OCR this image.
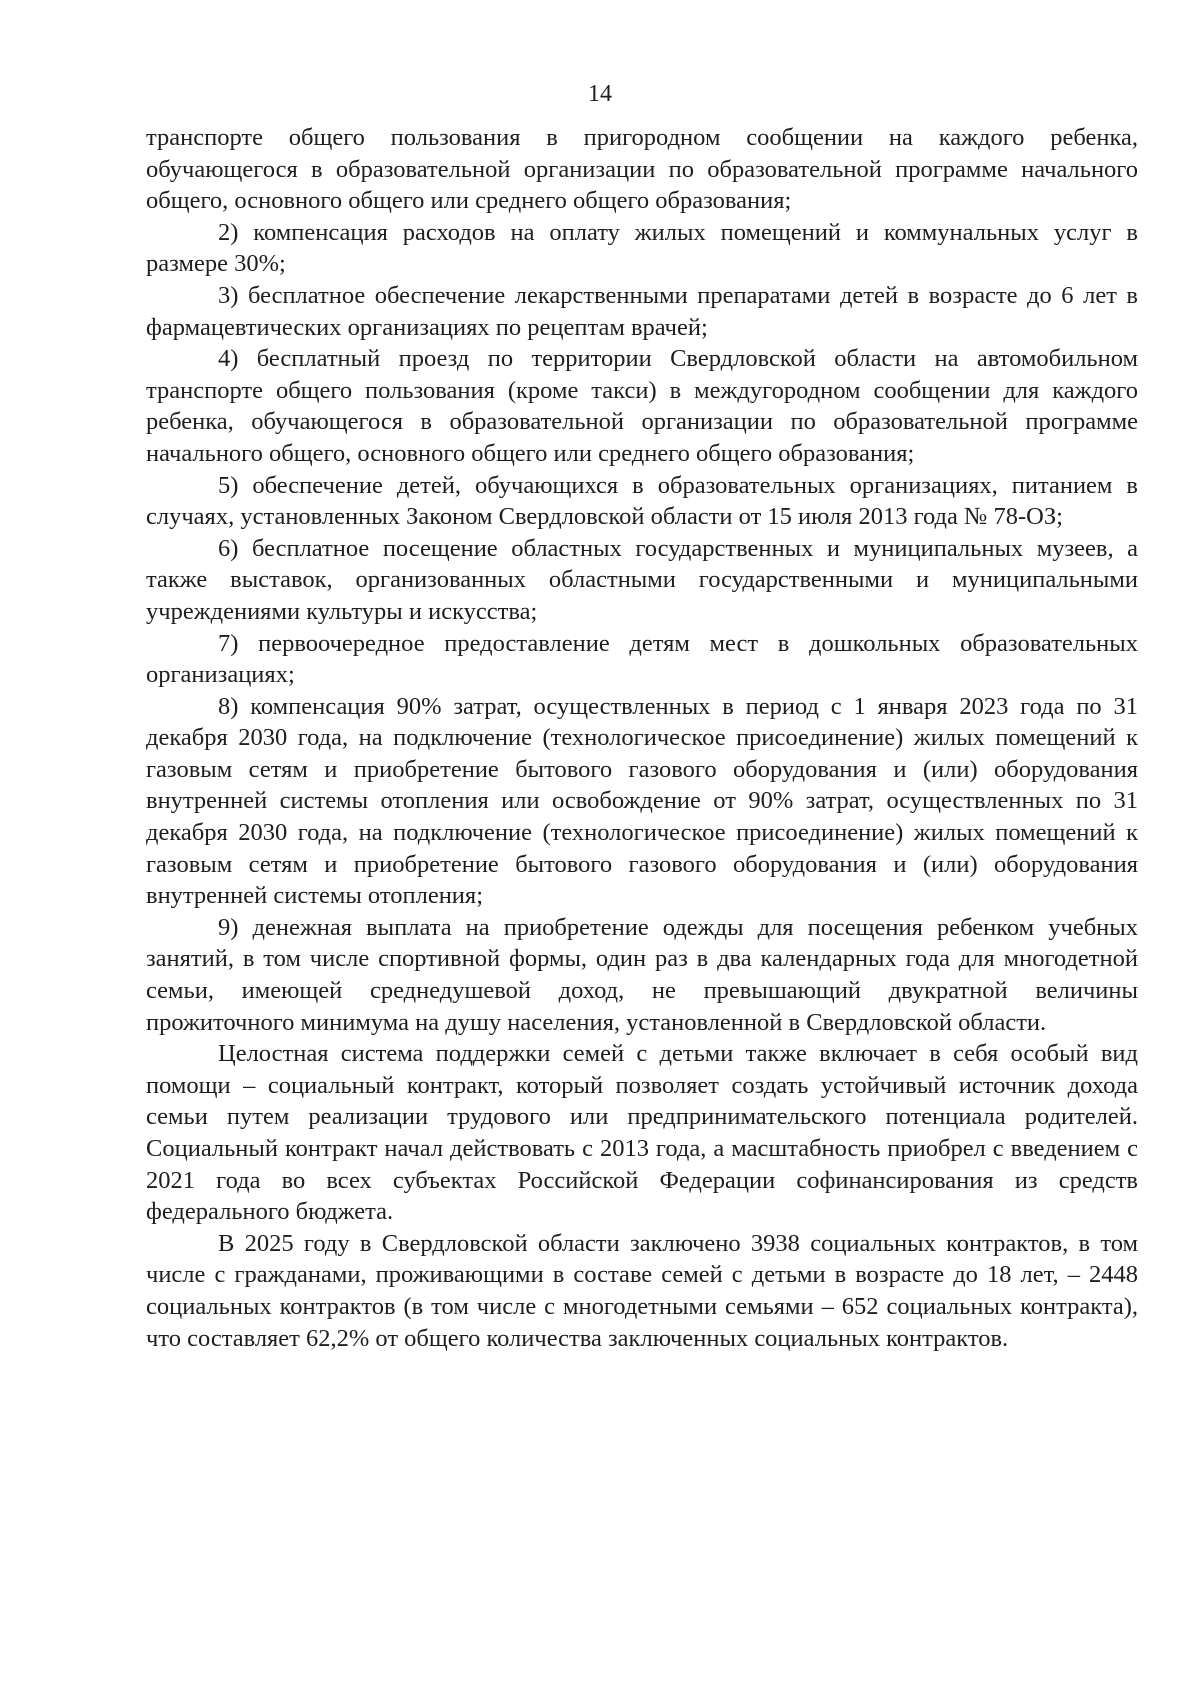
14

транспорте общего пользования в пригородном сообщении на каждого ребенка, обучающегося в образовательной организации по образовательной программе начального общего, основного общего или среднего общего образования;

2) компенсация расходов на оплату жилых помещений и коммунальных услуг в размере 30%;

3) бесплатное обеспечение лекарственными препаратами детей в возрасте до 6 лет в фармацевтических организациях по рецептам врачей;

4) бесплатный проезд по территории Свердловской области на автомобильном транспорте общего пользования (кроме такси) в междугородном сообщении для каждого ребенка, обучающегося в образовательной организации по образовательной программе начального общего, основного общего или среднего общего образования;

5) обеспечение детей, обучающихся в образовательных организациях, питанием в случаях, установленных Законом Свердловской области от 15 июля 2013 года № 78-ОЗ;

6) бесплатное посещение областных государственных и муниципальных музеев, а также выставок, организованных областными государственными и муниципальными учреждениями культуры и искусства;

7) первоочередное предоставление детям мест в дошкольных образовательных организациях;

8) компенсация 90% затрат, осуществленных в период с 1 января 2023 года по 31 декабря 2030 года, на подключение (технологическое присоединение) жилых помещений к газовым сетям и приобретение бытового газового оборудования и (или) оборудования внутренней системы отопления или освобождение от 90% затрат, осуществленных по 31 декабря 2030 года, на подключение (технологическое присоединение) жилых помещений к газовым сетям и приобретение бытового газового оборудования и (или) оборудования внутренней системы отопления;

9) денежная выплата на приобретение одежды для посещения ребенком учебных занятий, в том числе спортивной формы, один раз в два календарных года для многодетной семьи, имеющей среднедушевой доход, не превышающий двукратной величины прожиточного минимума на душу населения, установленной в Свердловской области.

Целостная система поддержки семей с детьми также включает в себя особый вид помощи – социальный контракт, который позволяет создать устойчивый источник дохода семьи путем реализации трудового или предпринимательского потенциала родителей. Социальный контракт начал действовать с 2013 года, а масштабность приобрел с введением с 2021 года во всех субъектах Российской Федерации софинансирования из средств федерального бюджета.

В 2025 году в Свердловской области заключено 3938 социальных контрактов, в том числе с гражданами, проживающими в составе семей с детьми в возрасте до 18 лет, – 2448 социальных контрактов (в том числе с многодетными семьями – 652 социальных контракта), что составляет 62,2% от общего количества заключенных социальных контрактов.
